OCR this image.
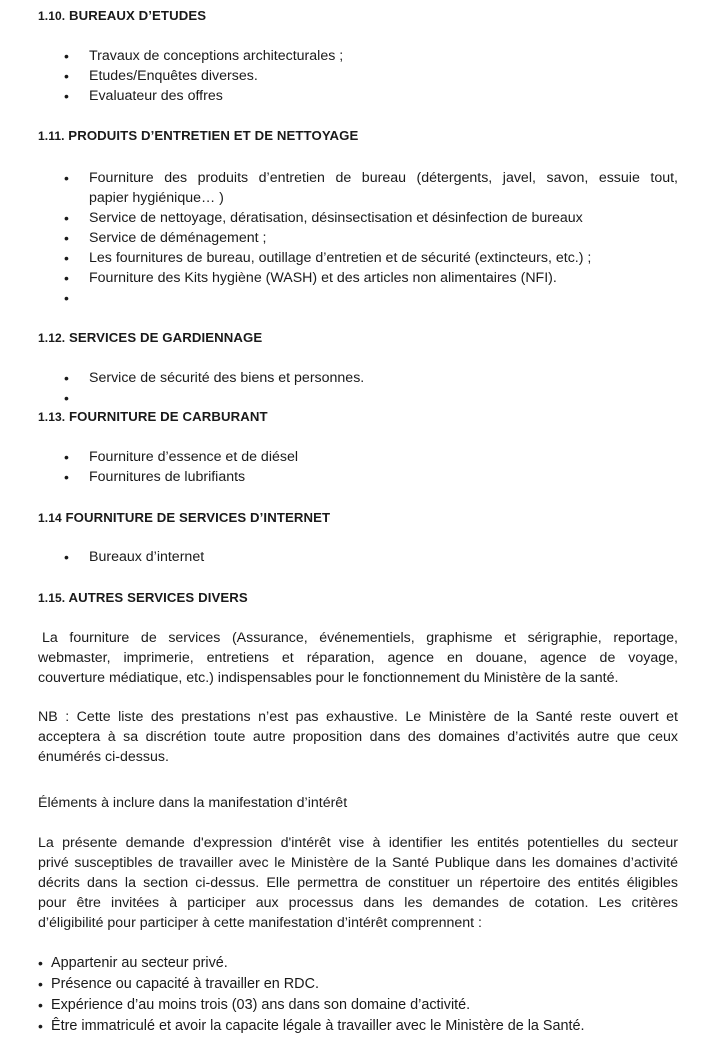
1.10. BUREAUX D’ETUDES
•	Travaux de conceptions architecturales ;
•	Etudes/Enquêtes diverses.
•	Evaluateur des offres
1.11. PRODUITS D’ENTRETIEN ET DE NETTOYAGE
•	Fourniture des produits d’entretien de bureau (détergents, javel, savon, essuie tout,
papier hygiénique… )
•	Service de nettoyage, dératisation, désinsectisation et désinfection de bureaux
•	Service de déménagement ;
•	Les fournitures de bureau, outillage d’entretien et de sécurité (extincteurs, etc.) ;
•	Fourniture des Kits hygiène (WASH) et des articles non alimentaires (NFI).
•
1.12. SERVICES DE GARDIENNAGE
•	Service de sécurité des biens et personnes.
•
1.13. FOURNITURE DE CARBURANT
•	Fourniture d’essence et de diésel
•	Fournitures de lubrifiants
1.14 FOURNITURE DE SERVICES D’INTERNET
•	Bureaux d’internet
1.15. AUTRES SERVICES DIVERS
La fourniture de services (Assurance, événementiels, graphisme et sérigraphie, reportage,
webmaster, imprimerie, entretiens et réparation, agence en douane, agence de voyage,
couverture médiatique, etc.) indispensables pour le fonctionnement du Ministère de la santé.
NB : Cette liste des prestations n’est pas exhaustive. Le Ministère de la Santé reste ouvert et
acceptera à sa discrétion toute autre proposition dans des domaines d’activités autre que ceux
énumérés ci-dessus.
Éléments à inclure dans la manifestation d’intérêt
La présente demande d'expression d'intérêt vise à identifier les entités potentielles du secteur
privé susceptibles de travailler avec le Ministère de la Santé Publique dans les domaines d’activité
décrits dans la section ci-dessus. Elle permettra de constituer un répertoire des entités éligibles
pour être invitées à participer aux processus dans les demandes de cotation. Les critères
d’éligibilité pour participer à cette manifestation d’intérêt comprennent :
• Appartenir au secteur privé.
• Présence ou capacité à travailler en RDC.
• Expérience d’au moins trois (03) ans dans son domaine d’activité.
• Être immatriculé et avoir la capacite légale à travailler avec le Ministère de la Santé.
